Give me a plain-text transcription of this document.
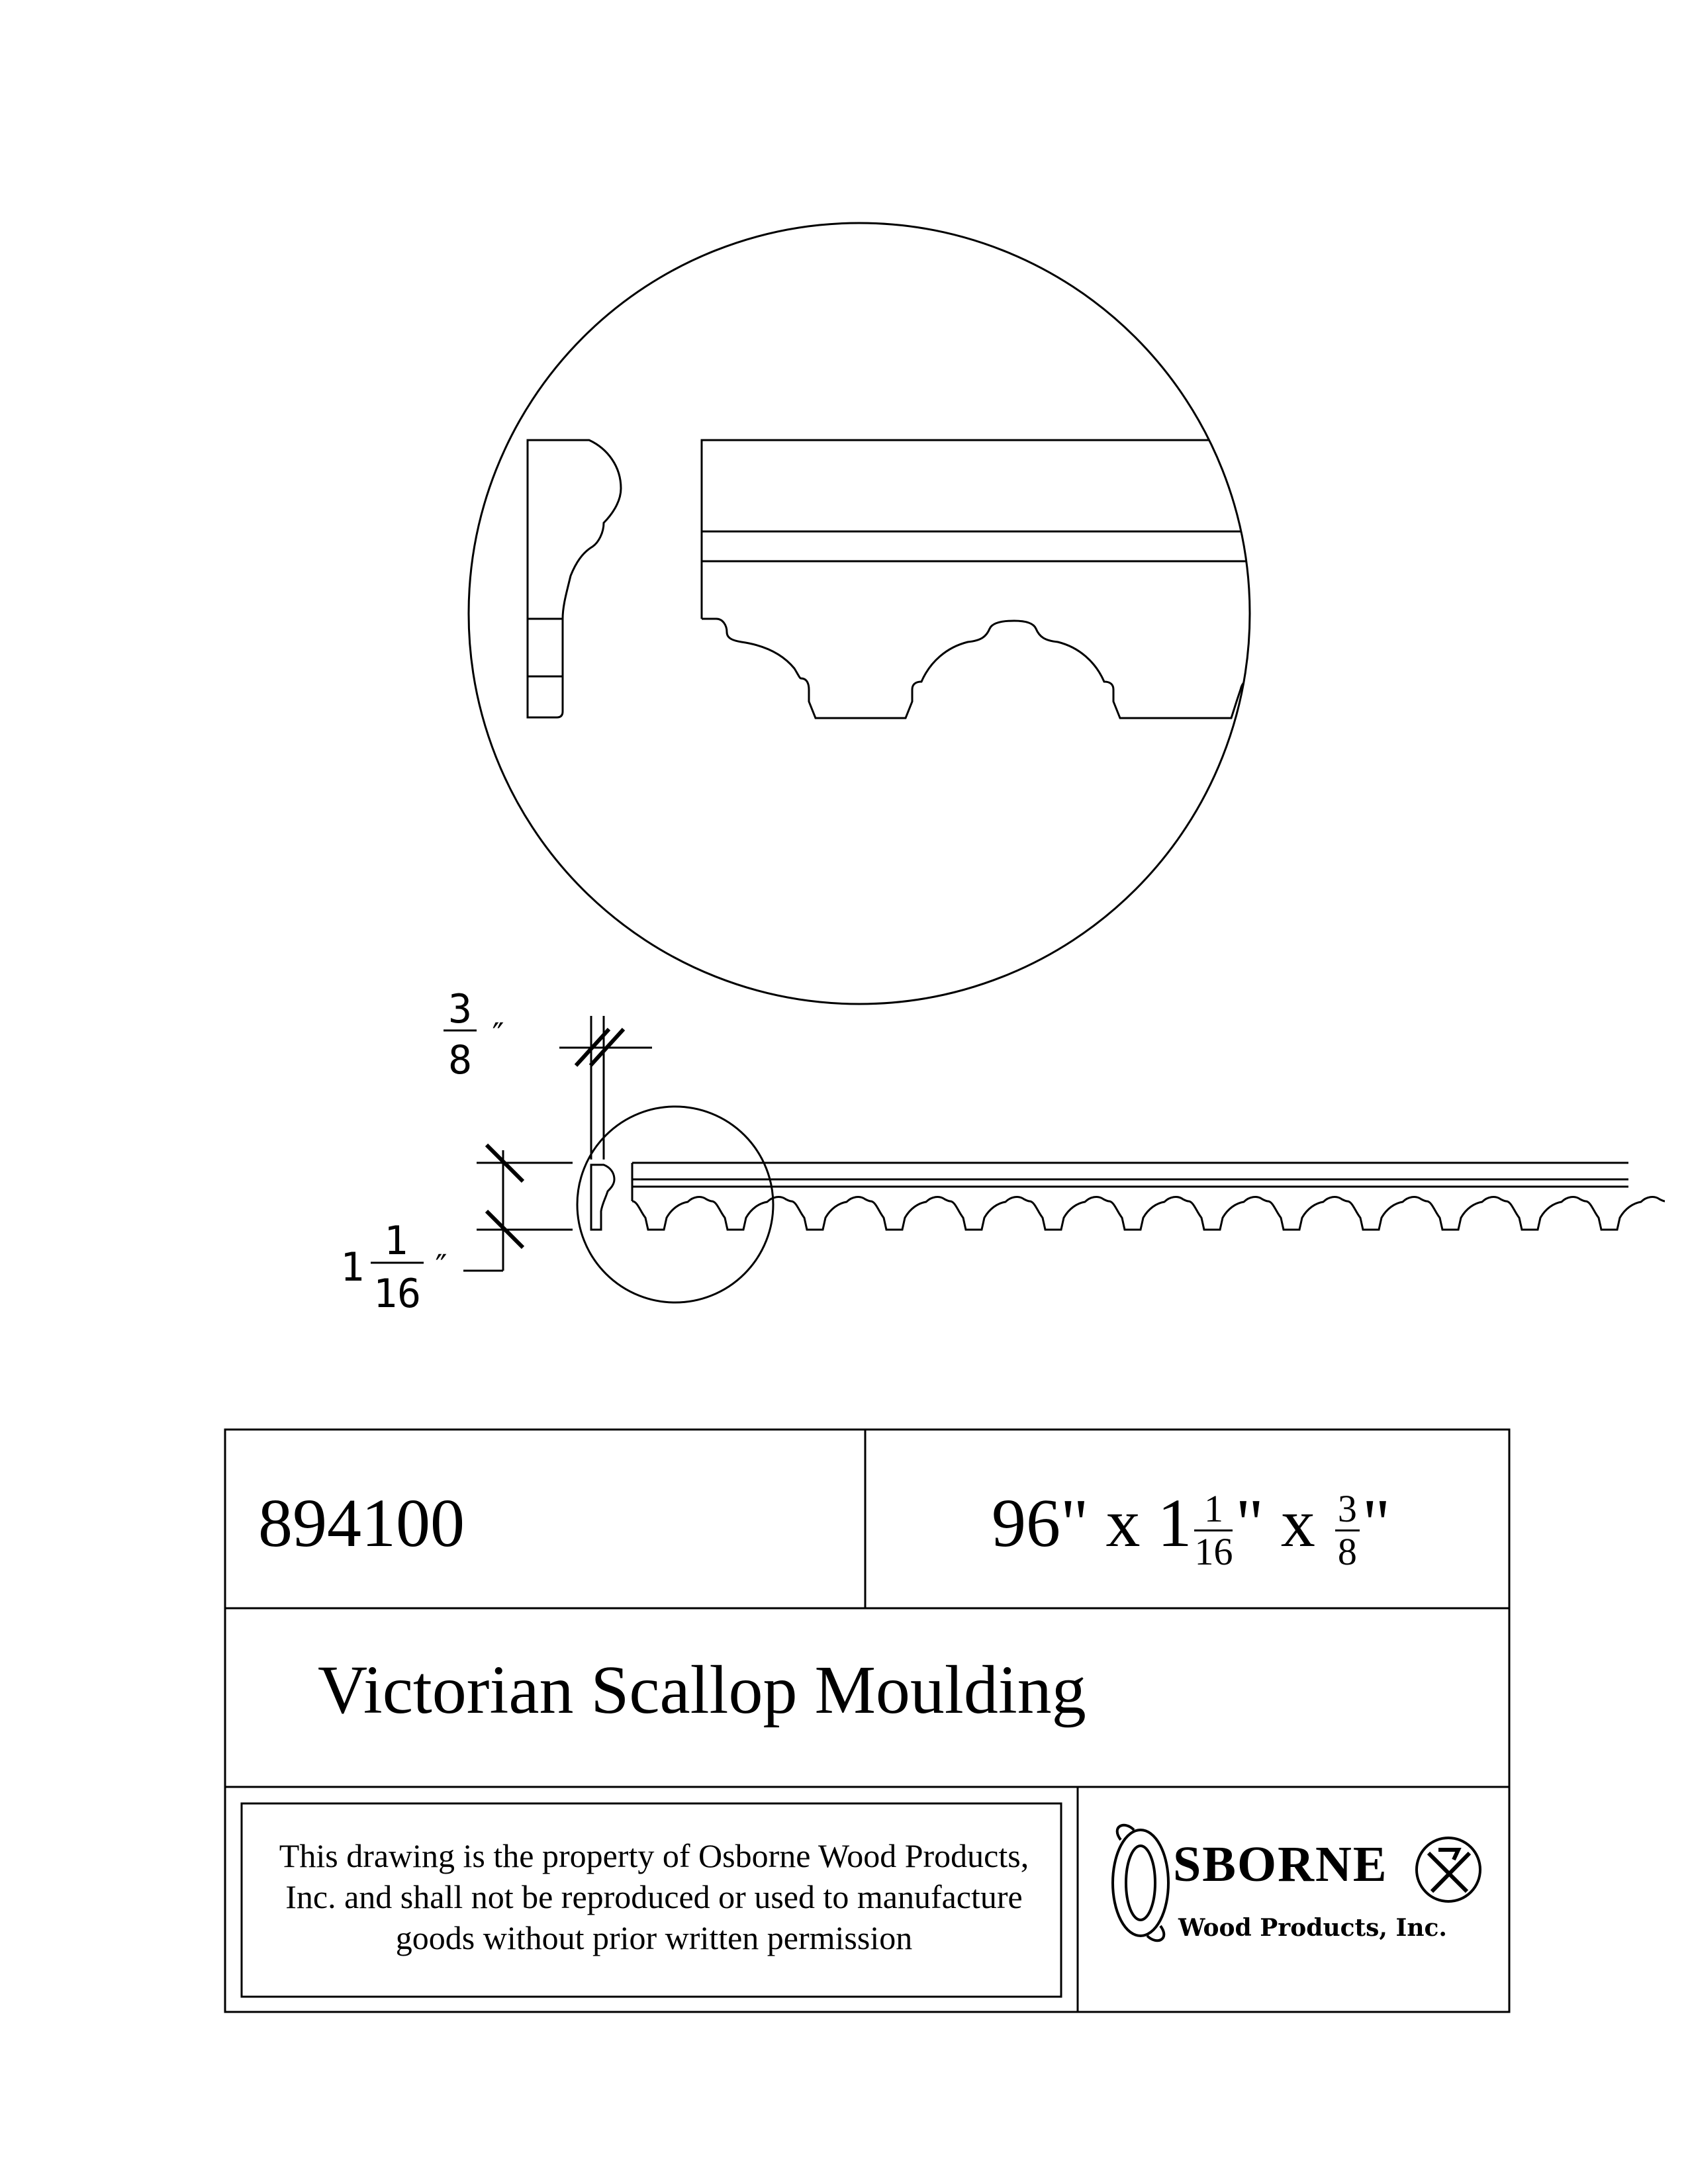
3
8
″
1
1
16
″
894100	96" x $1 \frac{1}{16}$ " x $\frac{3}{8}$ "
Victorian Scallop Moulding
This drawing is the property of Osborne Wood Products, Inc. and shall not be reproduced or used to manufacture goods without prior written permission
SBORNE
Wood Products, Inc.
